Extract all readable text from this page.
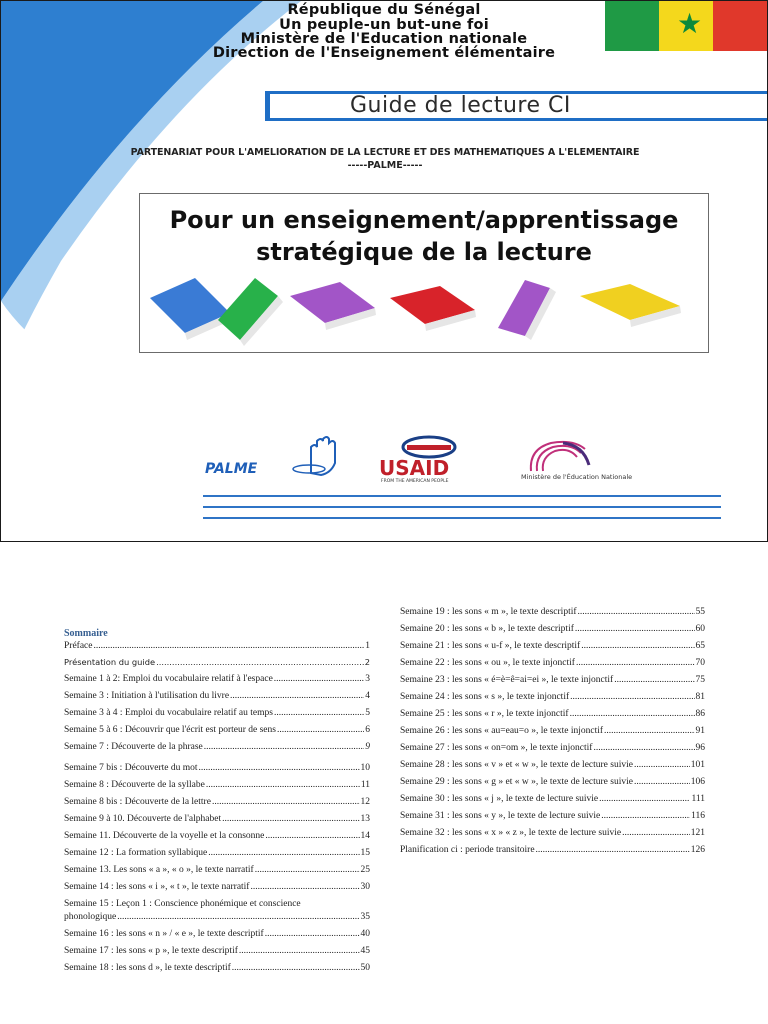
République du Sénégal
Un peuple-un but-une foi
Ministère de l'Education nationale
Direction de l'Enseignement élémentaire
★
Guide de lecture CI
PARTENARIAT POUR L'AMELIORATION DE LA LECTURE ET DES MATHEMATIQUES A L'ELEMENTAIRE
-----PALME-----
Pour un enseignement/apprentissage
stratégique de la lecture
PALME	USAID
FROM THE AMERICAN PEOPLE
Ministère de l'Éducation Nationale
Sommaire
Préface .....	1
Présentation du guide .....	2
Semaine 1 à 2: Emploi du vocabulaire relatif à l'espace .....	3
Semaine 3 : Initiation à l'utilisation du livre .....	4
Semaine 3 à 4 : Emploi du vocabulaire relatif au temps .....	5
Semaine 5 à 6 : Découvrir que l'écrit est porteur de sens .....	6
Semaine 7 : Découverte de la phrase .....	9
Semaine 7 bis : Découverte du mot .....	10
Semaine 8 : Découverte de la syllabe .....	11
Semaine 8 bis : Découverte de la lettre .....	12
Semaine 9 à 10. Découverte de l'alphabet .....	13
Semaine 11. Découverte de la voyelle et la consonne .....	14
Semaine 12 : La formation syllabique .....	15
Semaine 13. Les sons « a », « o », le texte narratif .....	25
Semaine 14 : les sons « i », « t », le texte narratif .....	30
Semaine 15 : Leçon 1 : Conscience phonémique et conscience
phonologique .....	35
Semaine 16 : les sons « n » / « e », le texte descriptif .....	40
Semaine 17 : les sons « p », le texte descriptif .....	45
Semaine 18 : les sons d », le texte descriptif .....	50
Semaine 19 : les sons « m », le texte descriptif .....	55
Semaine 20 : les sons « b », le texte descriptif .....	60
Semaine 21 : les sons « u-f », le texte descriptif .....	65
Semaine 22 : les sons « ou », le texte injonctif .....	70
Semaine 23 : les sons « é=è=ê=ai=ei », le texte injonctif .....	75
Semaine 24 : les sons « s », le texte injonctif .....	81
Semaine 25 : les sons « r », le texte injonctif .....	86
Semaine 26 : les sons « au=eau=o », le texte injonctif .....	91
Semaine 27 : les sons « on=om », le texte injonctif .....	96
Semaine 28 : les sons « v » et « w », le texte de lecture suivie .....	101
Semaine 29 : les sons « g » et « w », le texte de lecture suivie .....	106
Semaine 30 : les sons « j », le texte de lecture suivie .....	111
Semaine 31 : les sons « y », le texte de lecture suivie .....	116
Semaine 32 : les sons « x » « z », le texte de lecture suivie .....	121
Planification ci : periode transitoire .....	126
